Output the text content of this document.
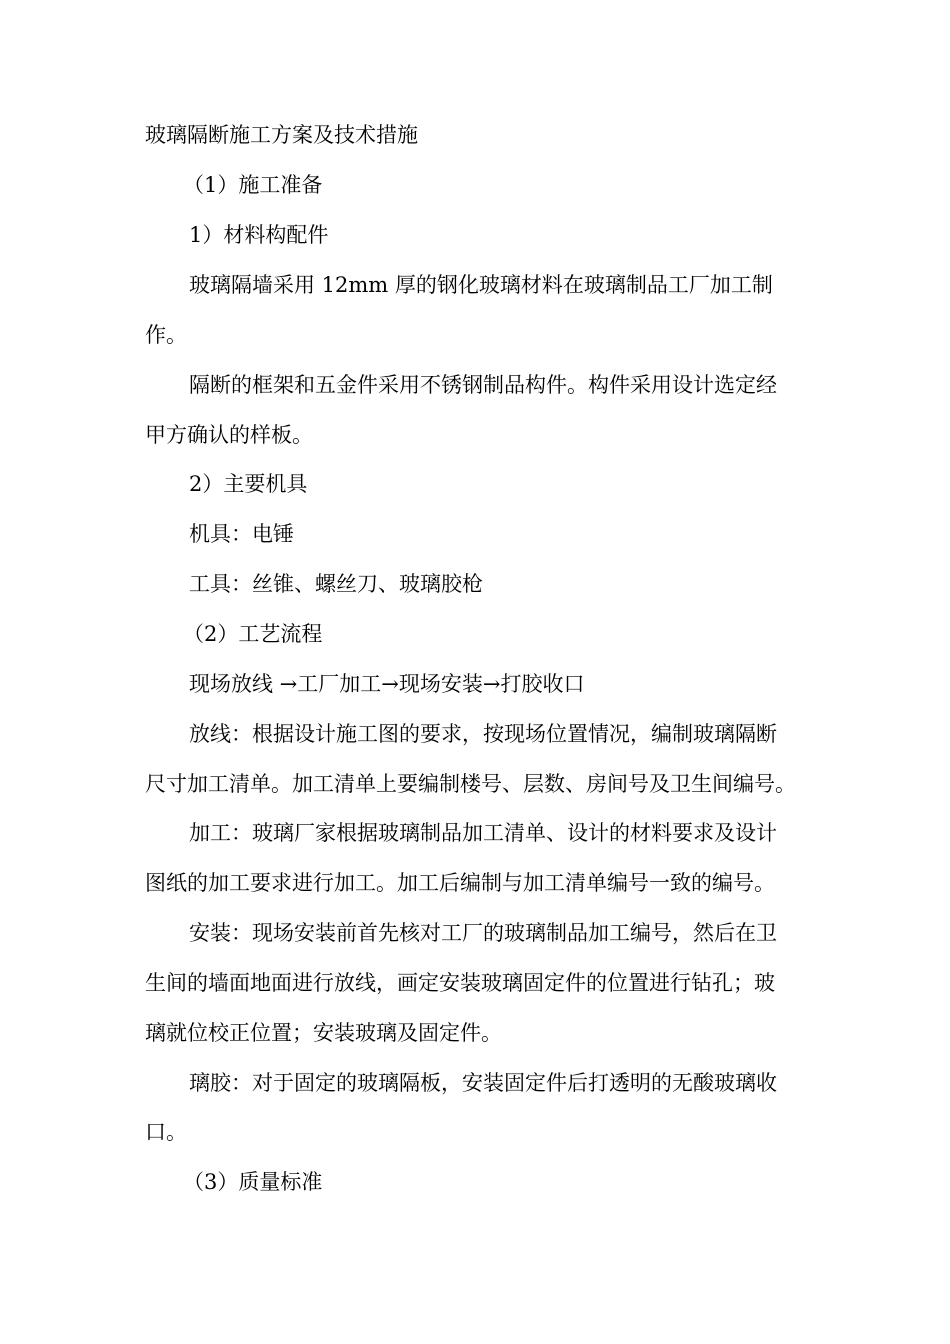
玻璃隔断施工方案及技术措施
（1）施工准备
1）材料构配件
玻璃隔墙采用 12mm 厚的钢化玻璃材料在玻璃制品工厂加工制
作。
隔断的框架和五金件采用不锈钢制品构件。构件采用设计选定经
甲方确认的样板。
2）主要机具
机具：电锤
工具：丝锥、螺丝刀、玻璃胶枪
（2）工艺流程
现场放线 →工厂加工→现场安装→打胶收口
放线：根据设计施工图的要求，按现场位置情况，编制玻璃隔断
尺寸加工清单。加工清单上要编制楼号、层数、房间号及卫生间编号。
加工：玻璃厂家根据玻璃制品加工清单、设计的材料要求及设计
图纸的加工要求进行加工。加工后编制与加工清单编号一致的编号。
安装：现场安装前首先核对工厂的玻璃制品加工编号，然后在卫
生间的墙面地面进行放线，画定安装玻璃固定件的位置进行钻孔；玻
璃就位校正位置；安装玻璃及固定件。
璃胶：对于固定的玻璃隔板，安装固定件后打透明的无酸玻璃收
口。
（3）质量标准
